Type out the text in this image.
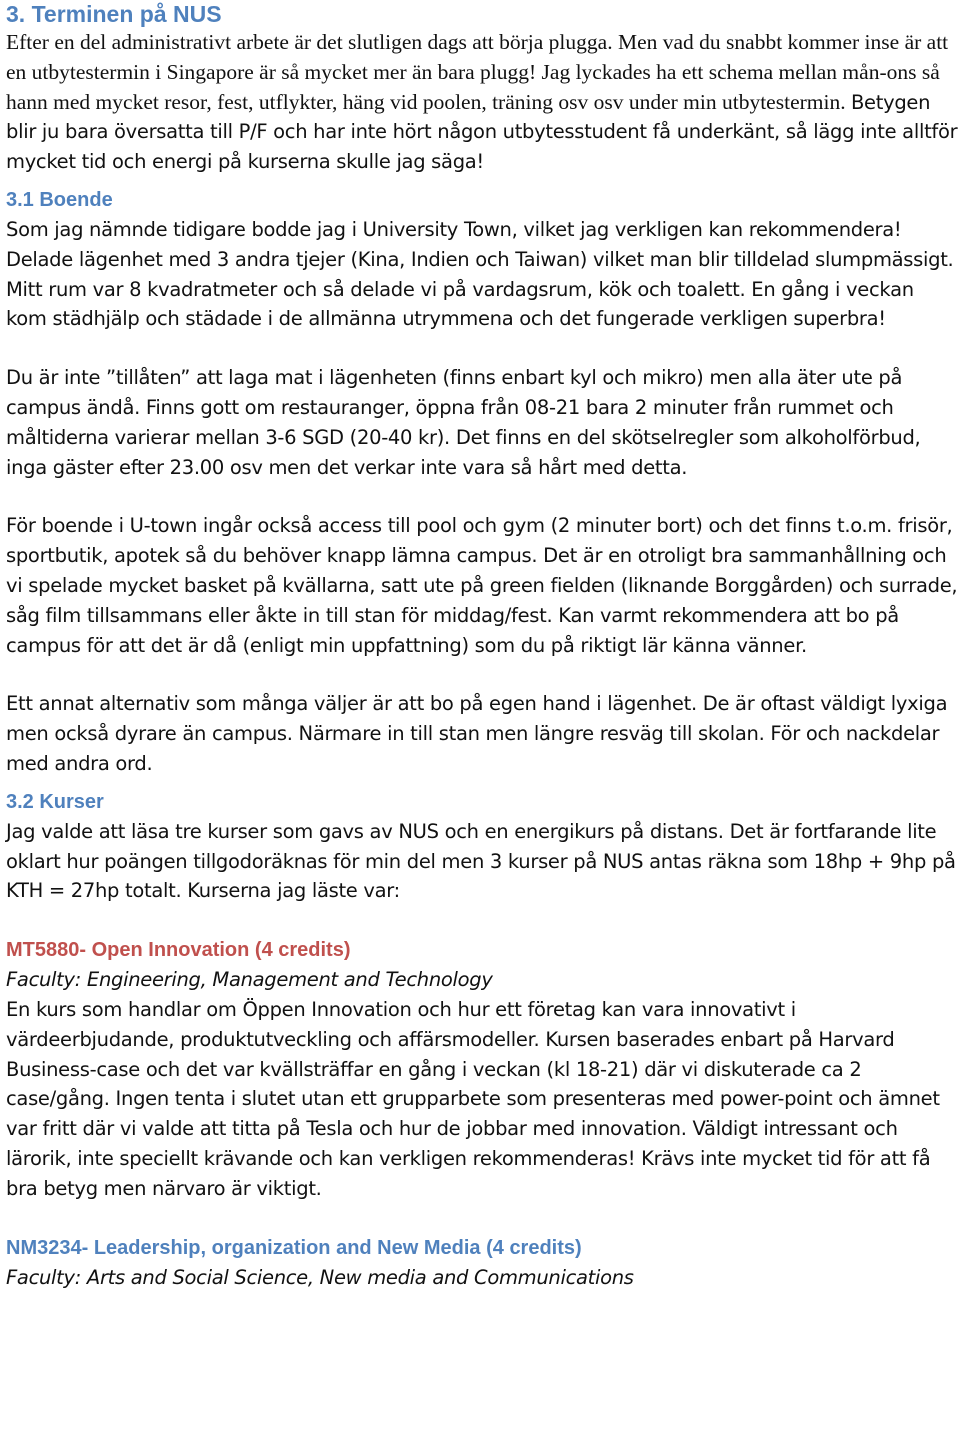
3. Terminen på NUS

Efter en del administrativt arbete är det slutligen dags att börja plugga. Men vad du snabbt kommer inse är att en utbytestermin i Singapore är så mycket mer än bara plugg! Jag lyckades ha ett schema mellan mån-ons så hann med mycket resor, fest, utflykter, häng vid poolen, träning osv osv under min utbytestermin. Betygen blir ju bara översatta till P/F och har inte hört någon utbytesstudent få underkänt, så lägg inte alltför mycket tid och energi på kurserna skulle jag säga!

3.1 Boende

Som jag nämnde tidigare bodde jag i University Town, vilket jag verkligen kan rekommendera! Delade lägenhet med 3 andra tjejer (Kina, Indien och Taiwan) vilket man blir tilldelad slumpmässigt. Mitt rum var 8 kvadratmeter och så delade vi på vardagsrum, kök och toalett. En gång i veckan kom städhjälp och städade i de allmänna utrymmena och det fungerade verkligen superbra!

Du är inte ”tillåten” att laga mat i lägenheten (finns enbart kyl och mikro) men alla äter ute på campus ändå. Finns gott om restauranger, öppna från 08-21 bara 2 minuter från rummet och måltiderna varierar mellan 3-6 SGD (20-40 kr). Det finns en del skötselregler som alkoholförbud, inga gäster efter 23.00 osv men det verkar inte vara så hårt med detta.

För boende i U-town ingår också access till pool och gym (2 minuter bort) och det finns t.o.m. frisör, sportbutik, apotek så du behöver knapp lämna campus. Det är en otroligt bra sammanhållning och vi spelade mycket basket på kvällarna, satt ute på green fielden (liknande Borggården) och surrade, såg film tillsammans eller åkte in till stan för middag/fest. Kan varmt rekommendera att bo på campus för att det är då (enligt min uppfattning) som du på riktigt lär känna vänner.

Ett annat alternativ som många väljer är att bo på egen hand i lägenhet. De är oftast väldigt lyxiga men också dyrare än campus. Närmare in till stan men längre resväg till skolan. För och nackdelar med andra ord.

3.2 Kurser

Jag valde att läsa tre kurser som gavs av NUS och en energikurs på distans. Det är fortfarande lite oklart hur poängen tillgodoräknas för min del men 3 kurser på NUS antas räkna som 18hp + 9hp på KTH = 27hp totalt. Kurserna jag läste var:

MT5880- Open Innovation (4 credits)

Faculty: Engineering, Management and Technology

En kurs som handlar om Öppen Innovation och hur ett företag kan vara innovativt i värdeerbjudande, produktutveckling och affärsmodeller. Kursen baserades enbart på Harvard Business-case och det var kvällsträffar en gång i veckan (kl 18-21) där vi diskuterade ca 2 case/gång. Ingen tenta i slutet utan ett grupparbete som presenteras med power-point och ämnet var fritt där vi valde att titta på Tesla och hur de jobbar med innovation. Väldigt intressant och lärorik, inte speciellt krävande och kan verkligen rekommenderas! Krävs inte mycket tid för att få bra betyg men närvaro är viktigt.

NM3234- Leadership, organization and New Media (4 credits)

Faculty: Arts and Social Science, New media and Communications
